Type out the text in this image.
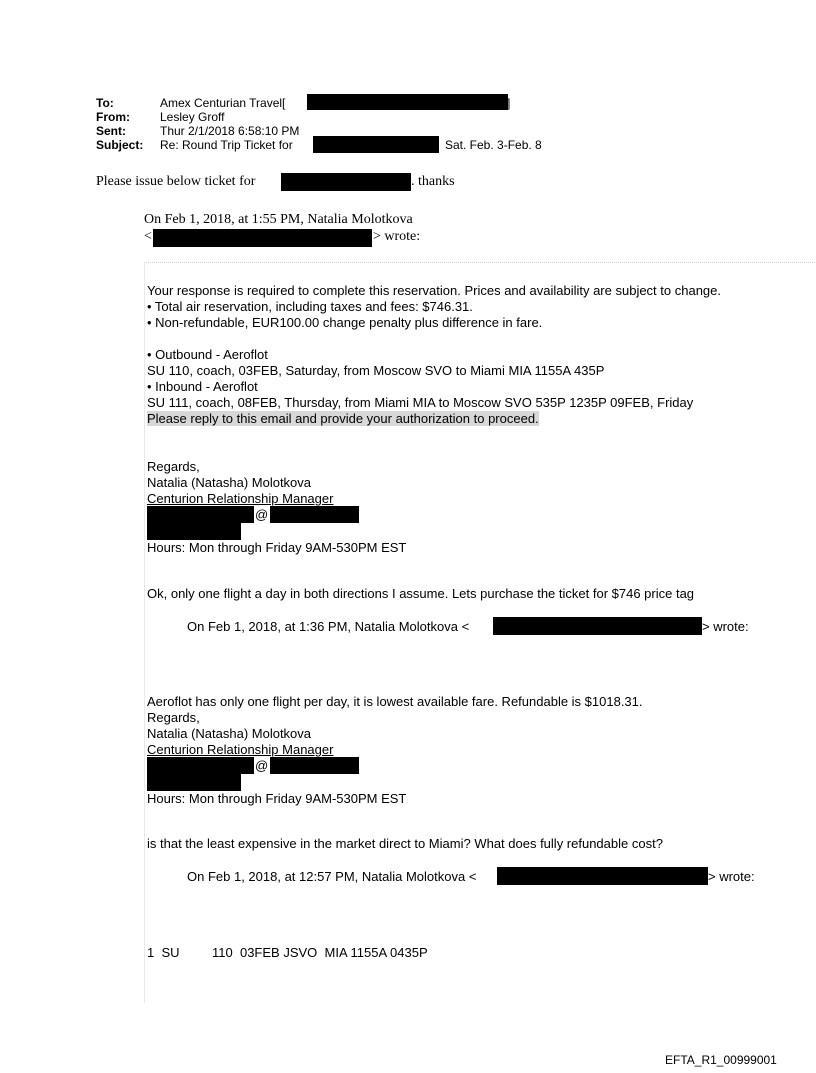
To:	Amex Centurian Travel[	]
From:	Lesley Groff
Sent:	Thur 2/1/2018 6:58:10 PM
Subject: Re: Round Trip Ticket for	Sat. Feb. 3-Feb. 8
Please issue below ticket for	. thanks
On Feb 1, 2018, at 1:55 PM, Natalia Molotkova
<	> wrote:
Your response is required to complete this reservation. Prices and availability are subject to change.
• Total air reservation, including taxes and fees: $746.31.
• Non-refundable, EUR100.00 change penalty plus difference in fare.
• Outbound - Aeroflot
SU 110, coach, 03FEB, Saturday, from Moscow SVO to Miami MIA 1155A 435P
• Inbound - Aeroflot
SU 111, coach, 08FEB, Thursday, from Miami MIA to Moscow SVO 535P 1235P 09FEB, Friday
Please reply to this email and provide your authorization to proceed.
Regards,
Natalia (Natasha) Molotkova
Centurion Relationship Manager
@
Hours: Mon through Friday 9AM-530PM EST
Ok, only one flight a day in both directions I assume. Lets purchase the ticket for $746 price tag
On Feb 1, 2018, at 1:36 PM, Natalia Molotkova <	> wrote:
Aeroflot has only one flight per day, it is lowest available fare. Refundable is $1018.31.
Regards,
Natalia (Natasha) Molotkova
Centurion Relationship Manager
@
Hours: Mon through Friday 9AM-530PM EST
is that the least expensive in the market direct to Miami? What does fully refundable cost?
On Feb 1, 2018, at 12:57 PM, Natalia Molotkova <	> wrote:
1  SU         110  03FEB JSVO  MIA 1155A 0435P
EFTA_R1_00999001
